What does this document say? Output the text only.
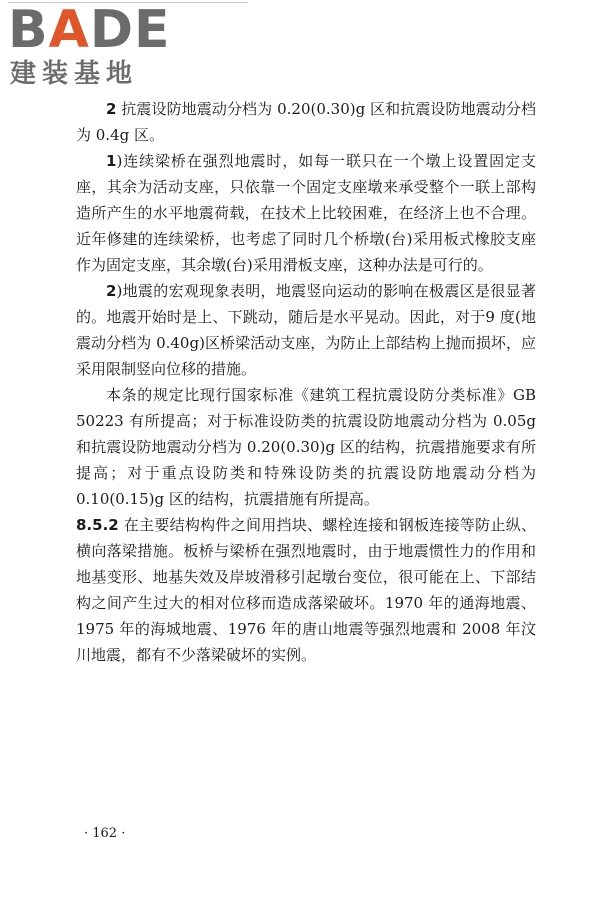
BADE
建装基地

2 抗震设防地震动分档为 0.20(0.30)g 区和抗震设防地震动分档为 0.4g 区。

1)连续梁桥在强烈地震时，如每一联只在一个墩上设置固定支座，其余为活动支座，只依靠一个固定支座墩来承受整个一联上部构造所产生的水平地震荷载，在技术上比较困难，在经济上也不合理。近年修建的连续梁桥，也考虑了同时几个桥墩(台)采用板式橡胶支座作为固定支座，其余墩(台)采用滑板支座，这种办法是可行的。

2)地震的宏观现象表明，地震竖向运动的影响在极震区是很显著的。地震开始时是上、下跳动，随后是水平晃动。因此，对于9 度(地震动分档为 0.40g)区桥梁活动支座，为防止上部结构上抛而损坏，应采用限制竖向位移的措施。

本条的规定比现行国家标准《建筑工程抗震设防分类标准》GB 50223 有所提高；对于标准设防类的抗震设防地震动分档为 0.05g和抗震设防地震动分档为 0.20(0.30)g 区的结构，抗震措施要求有所提高；对于重点设防类和特殊设防类的抗震设防地震动分档为 0.10(0.15)g 区的结构，抗震措施有所提高。

8.5.2 在主要结构构件之间用挡块、螺栓连接和钢板连接等防止纵、横向落梁措施。板桥与梁桥在强烈地震时，由于地震惯性力的作用和地基变形、地基失效及岸坡滑移引起墩台变位，很可能在上、下部结构之间产生过大的相对位移而造成落梁破坏。1970 年的通海地震、1975 年的海城地震、1976 年的唐山地震等强烈地震和 2008 年汶川地震，都有不少落梁破坏的实例。

· 162 ·
